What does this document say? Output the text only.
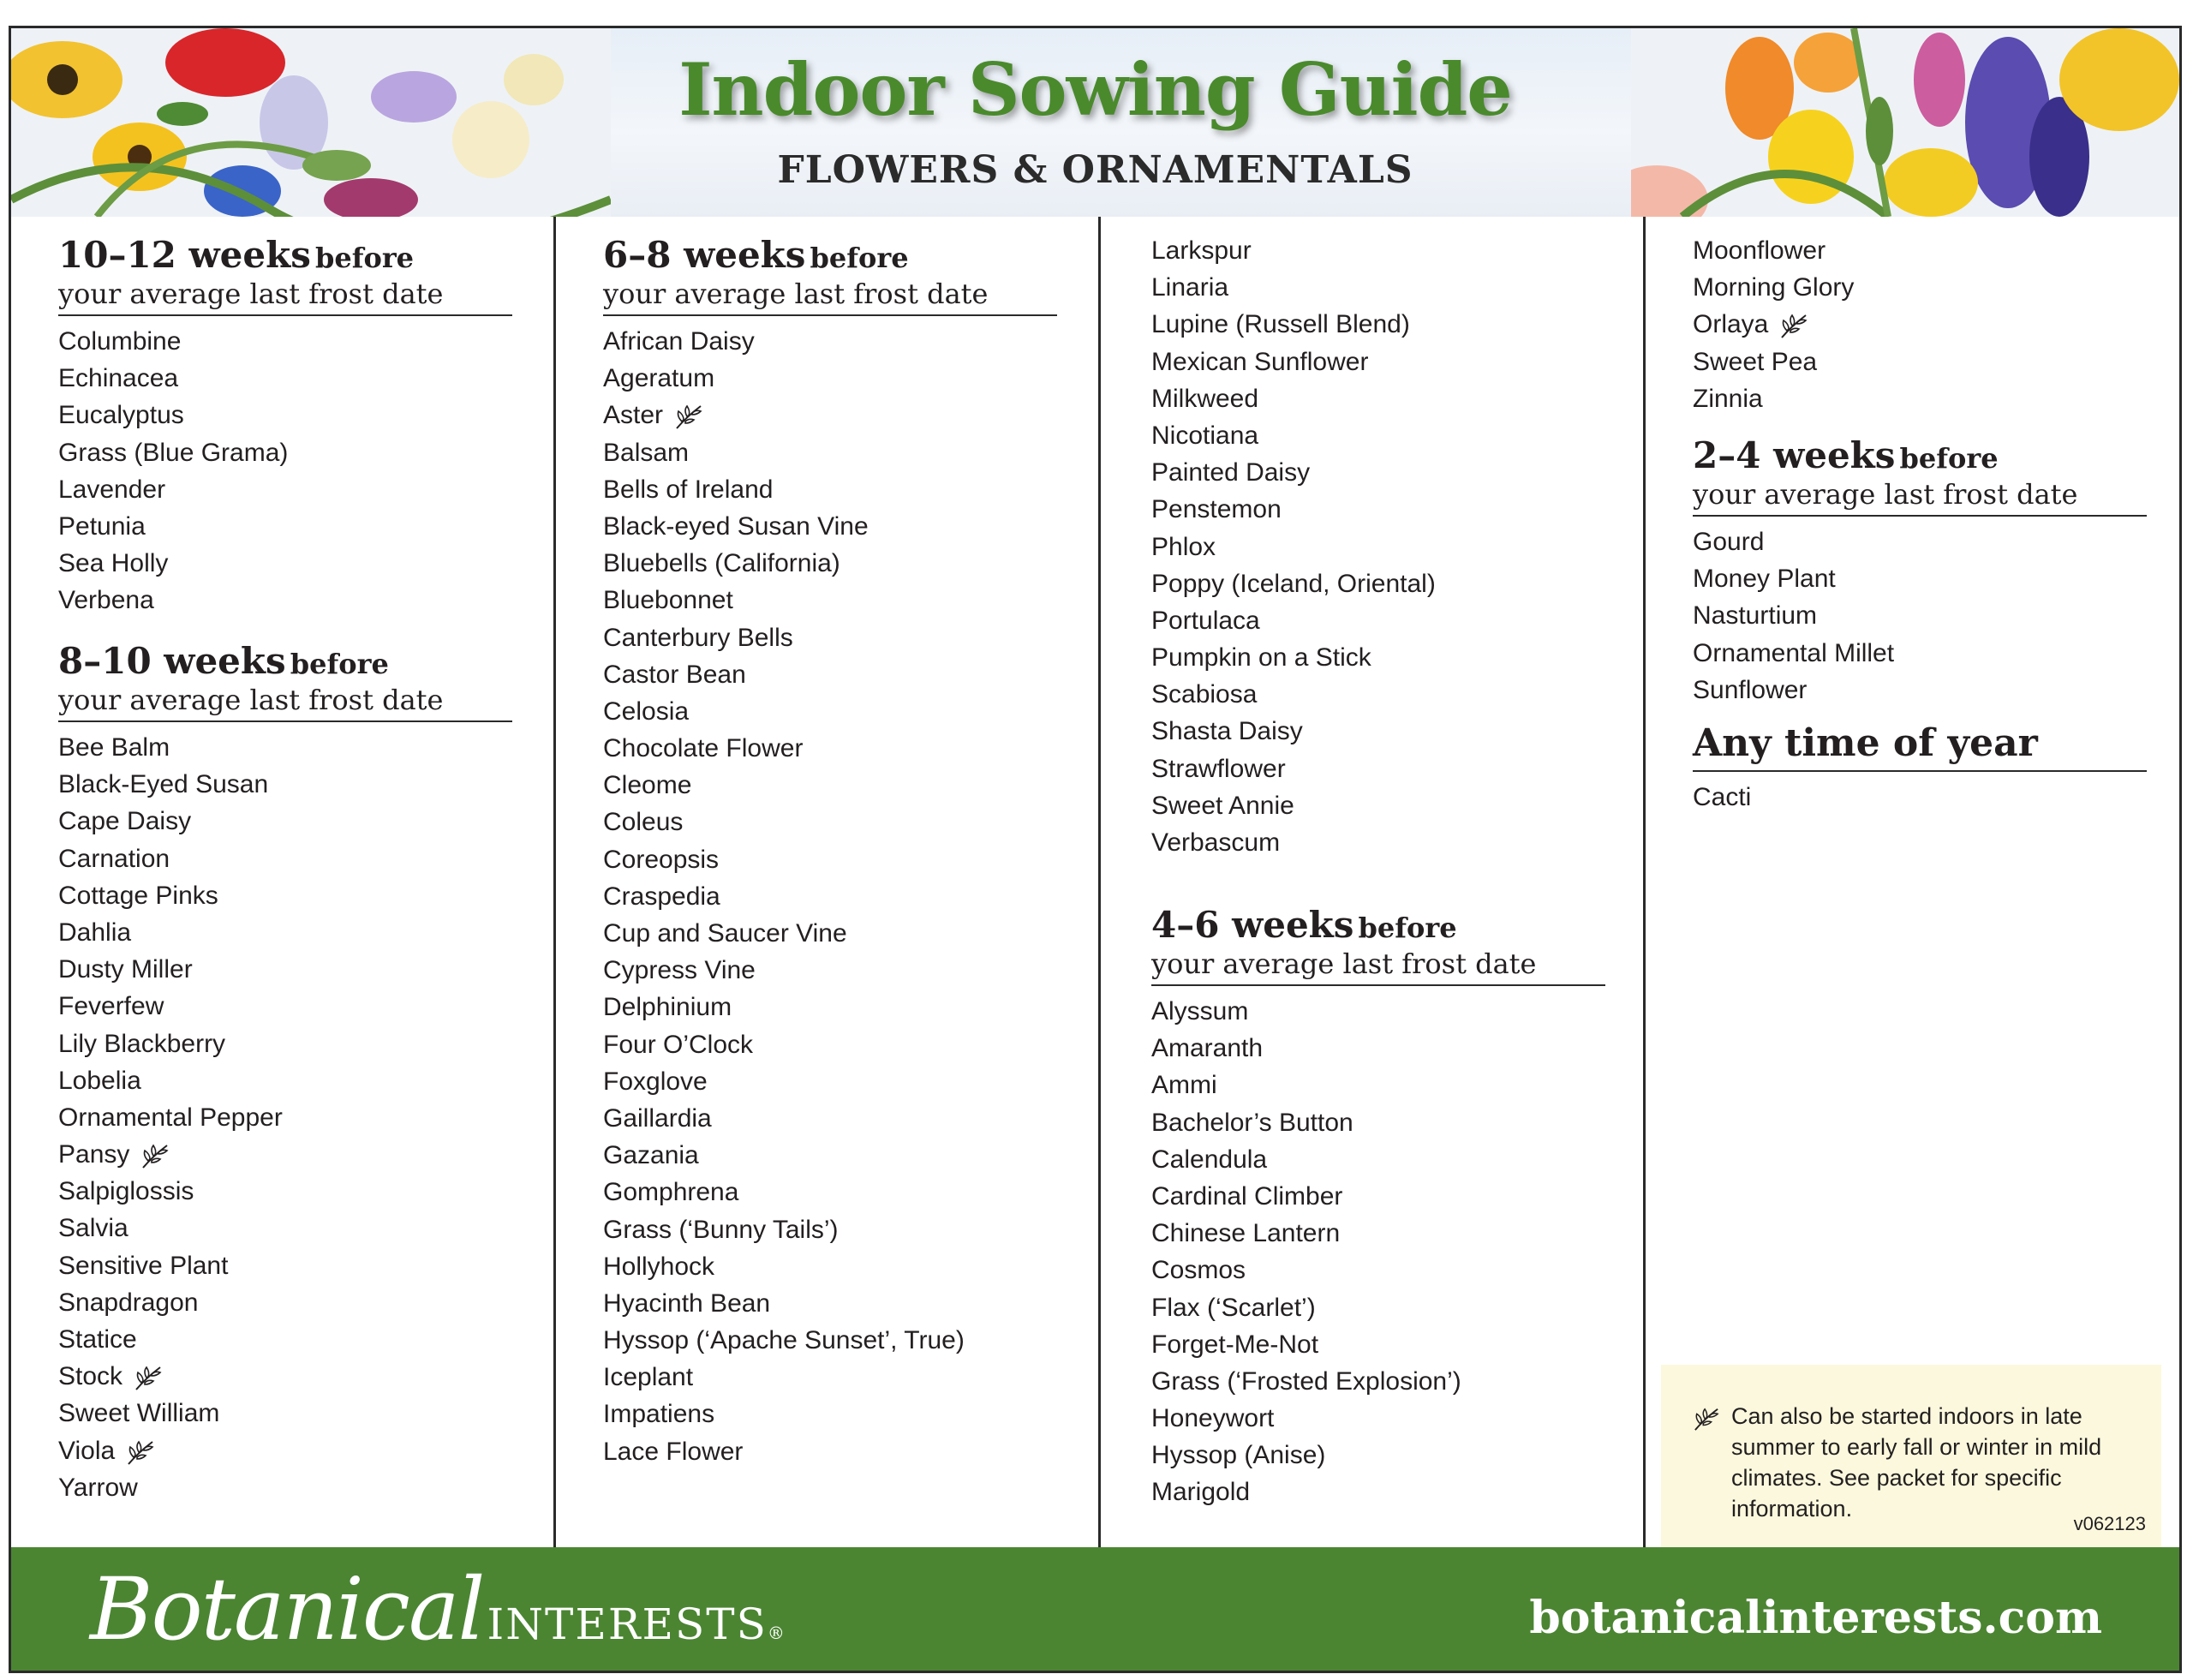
Indoor Sowing Guide
FLOWERS & ORNAMENTALS
10–12 weeks before
your average last frost date
Columbine
Echinacea
Eucalyptus
Grass (Blue Grama)
Lavender
Petunia
Sea Holly
Verbena
8–10 weeks before
your average last frost date
Bee Balm
Black-Eyed Susan
Cape Daisy
Carnation
Cottage Pinks
Dahlia
Dusty Miller
Feverfew
Lily Blackberry
Lobelia
Ornamental Pepper
Pansy
Salpiglossis
Salvia
Sensitive Plant
Snapdragon
Statice
Stock
Sweet William
Viola
Yarrow
6–8 weeks before
your average last frost date
African Daisy
Ageratum
Aster
Balsam
Bells of Ireland
Black-eyed Susan Vine
Bluebells (California)
Bluebonnet
Canterbury Bells
Castor Bean
Celosia
Chocolate Flower
Cleome
Coleus
Coreopsis
Craspedia
Cup and Saucer Vine
Cypress Vine
Delphinium
Four O’Clock
Foxglove
Gaillardia
Gazania
Gomphrena
Grass (‘Bunny Tails’)
Hollyhock
Hyacinth Bean
Hyssop (‘Apache Sunset’, True)
Iceplant
Impatiens
Lace Flower
Larkspur
Linaria
Lupine (Russell Blend)
Mexican Sunflower
Milkweed
Nicotiana
Painted Daisy
Penstemon
Phlox
Poppy (Iceland, Oriental)
Portulaca
Pumpkin on a Stick
Scabiosa
Shasta Daisy
Strawflower
Sweet Annie
Verbascum
4–6 weeks before
your average last frost date
Alyssum
Amaranth
Ammi
Bachelor’s Button
Calendula
Cardinal Climber
Chinese Lantern
Cosmos
Flax (‘Scarlet’)
Forget-Me-Not
Grass (‘Frosted Explosion’)
Honeywort
Hyssop (Anise)
Marigold
Moonflower
Morning Glory
Orlaya
Sweet Pea
Zinnia
2–4 weeks before
your average last frost date
Gourd
Money Plant
Nasturtium
Ornamental Millet
Sunflower
Any time of year
Cacti
Can also be started indoors in late summer to early fall or winter in mild climates. See packet for specific information.
v062123
BotanicalINTERESTS®	botanicalinterests.com
